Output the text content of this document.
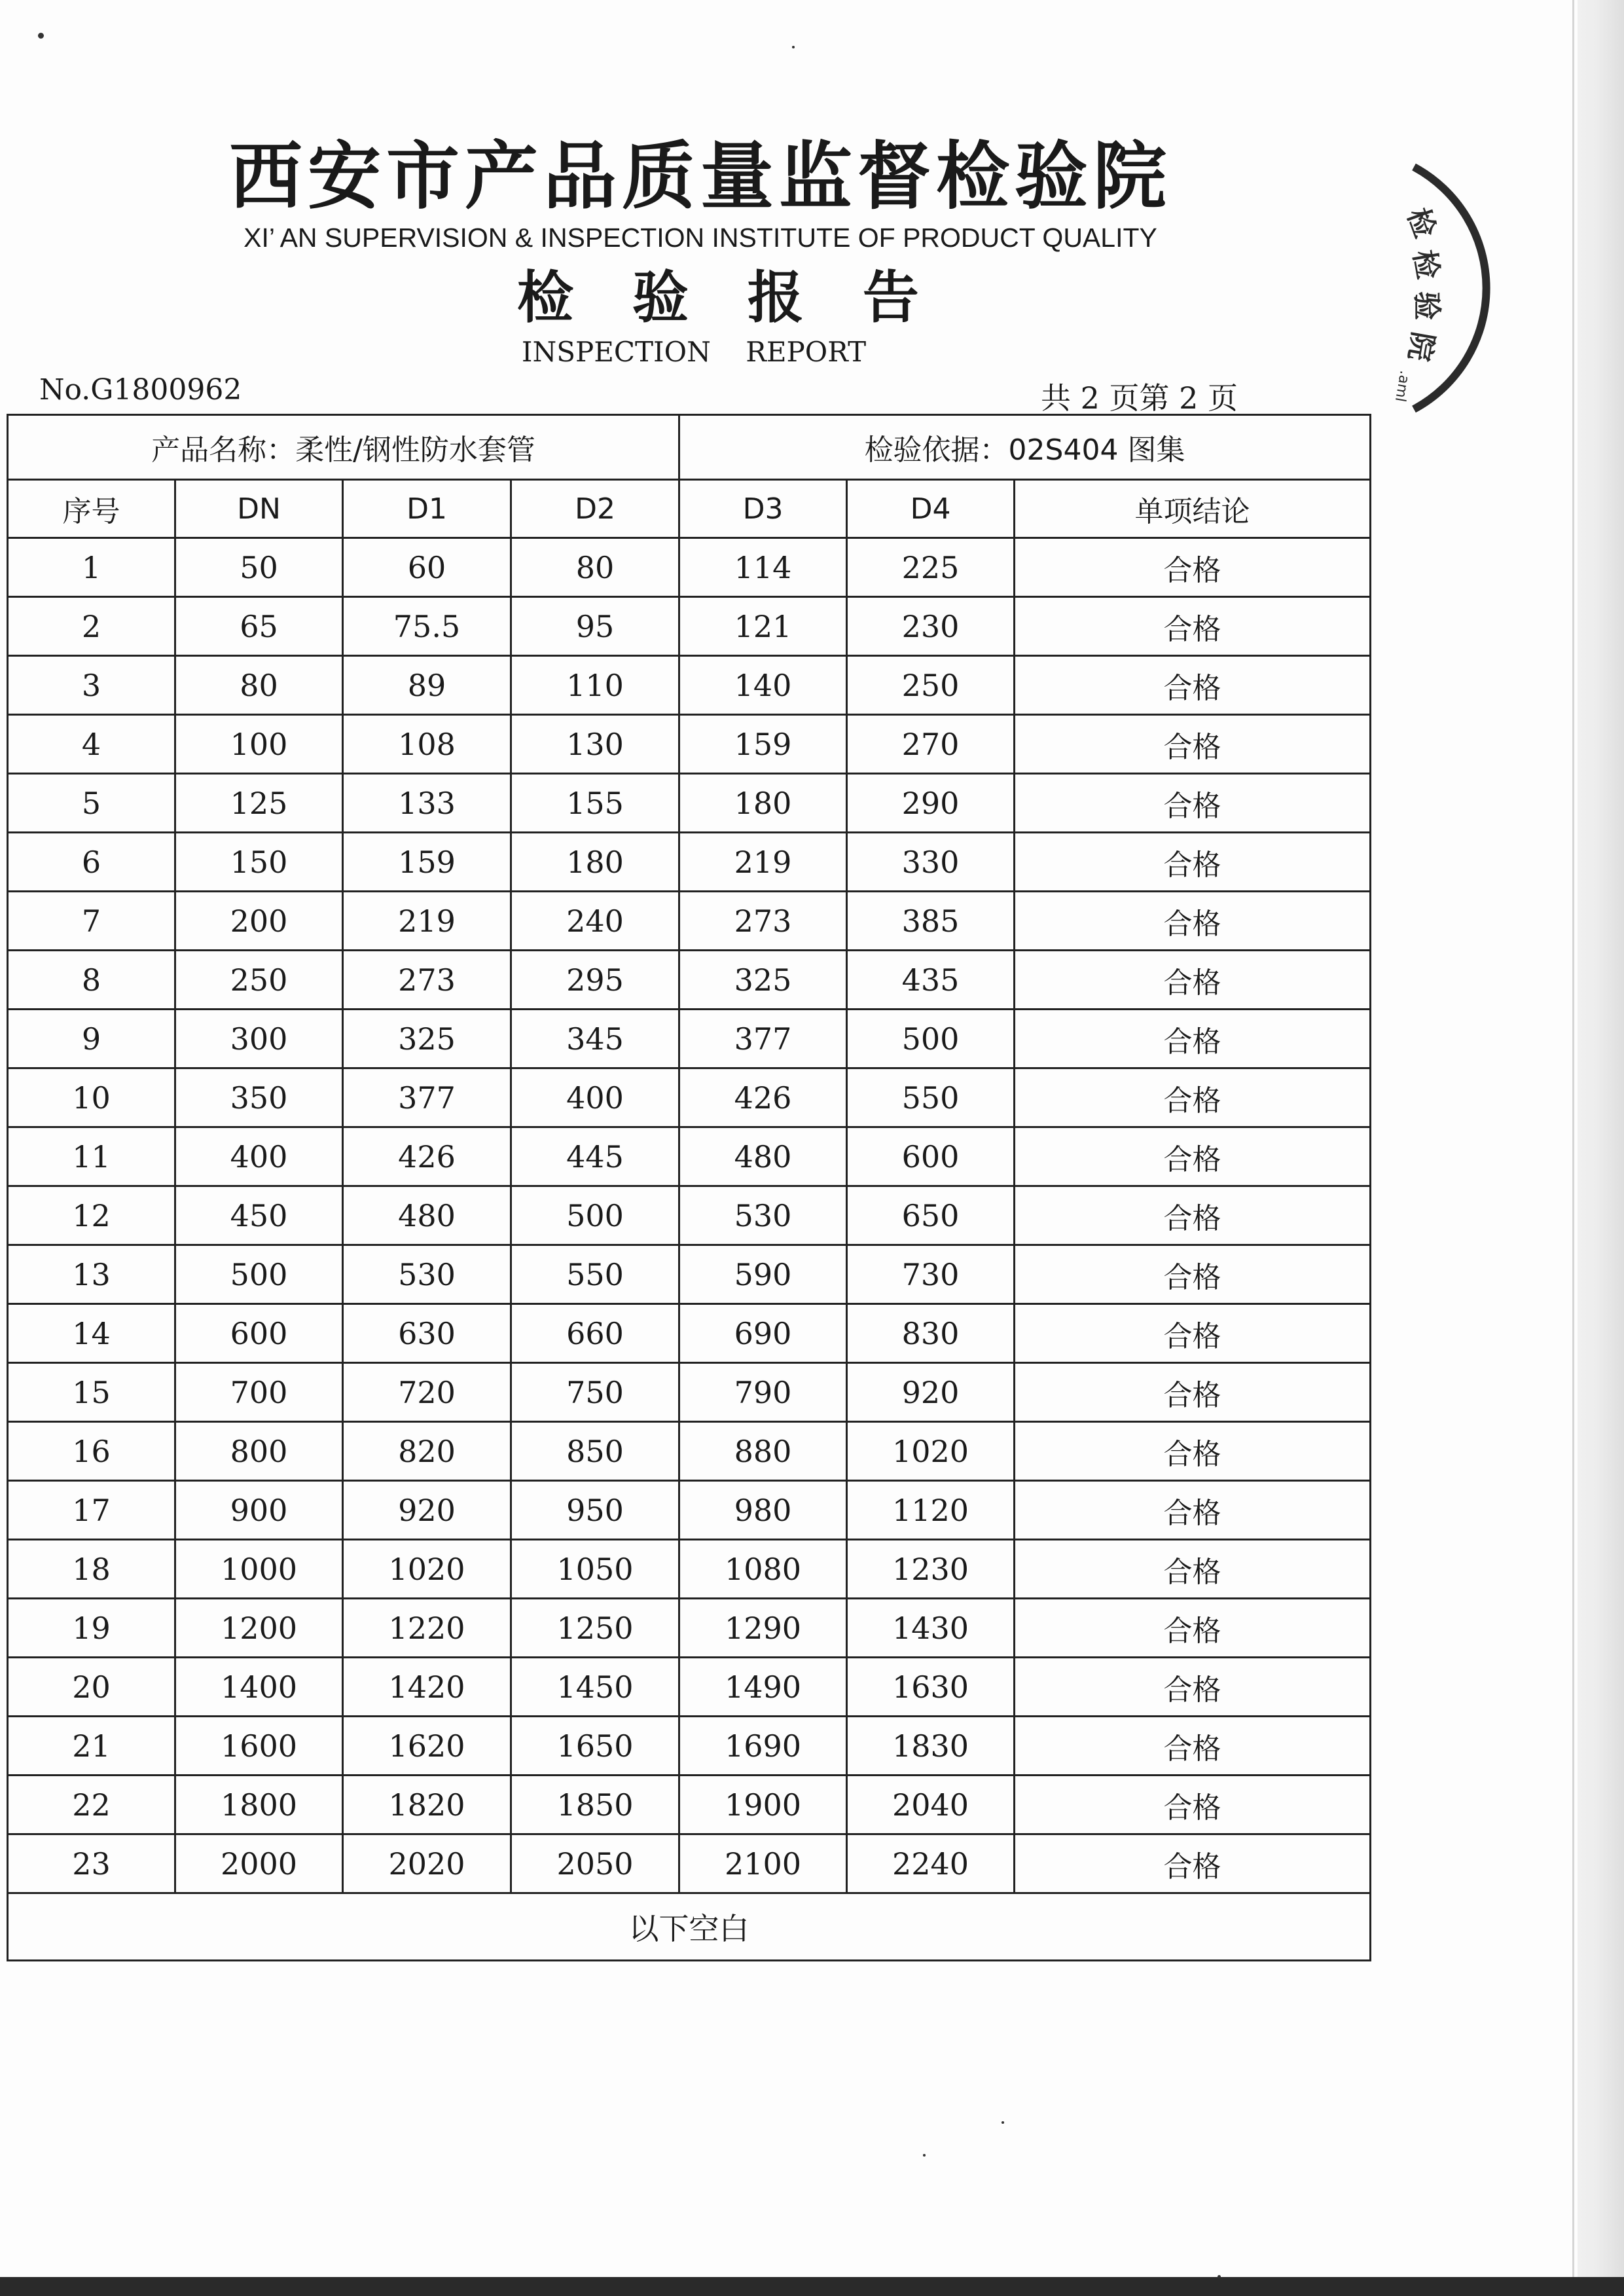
西安市产品质量监督检验院
XI’ AN SUPERVISION & INSPECTION INSTITUTE OF PRODUCT QUALITY
检 验 报 告
INSPECTION    REPORT
No.G1800962	共 2 页第 2 页
检
检
验
院
.aml
产品名称：柔性/钢性防水套管				检验依据：02S404 图集		
序号	DN	D1	D2	D3	D4	单项结论
1	50	60	80	114	225	合格
2	65	75.5	95	121	230	合格
3	80	89	110	140	250	合格
4	100	108	130	159	270	合格
5	125	133	155	180	290	合格
6	150	159	180	219	330	合格
7	200	219	240	273	385	合格
8	250	273	295	325	435	合格
9	300	325	345	377	500	合格
10	350	377	400	426	550	合格
11	400	426	445	480	600	合格
12	450	480	500	530	650	合格
13	500	530	550	590	730	合格
14	600	630	660	690	830	合格
15	700	720	750	790	920	合格
16	800	820	850	880	1020	合格
17	900	920	950	980	1120	合格
18	1000	1020	1050	1080	1230	合格
19	1200	1220	1250	1290	1430	合格
20	1400	1420	1450	1490	1630	合格
21	1600	1620	1650	1690	1830	合格
22	1800	1820	1850	1900	2040	合格
23	2000	2020	2050	2100	2240	合格
以下空白						
